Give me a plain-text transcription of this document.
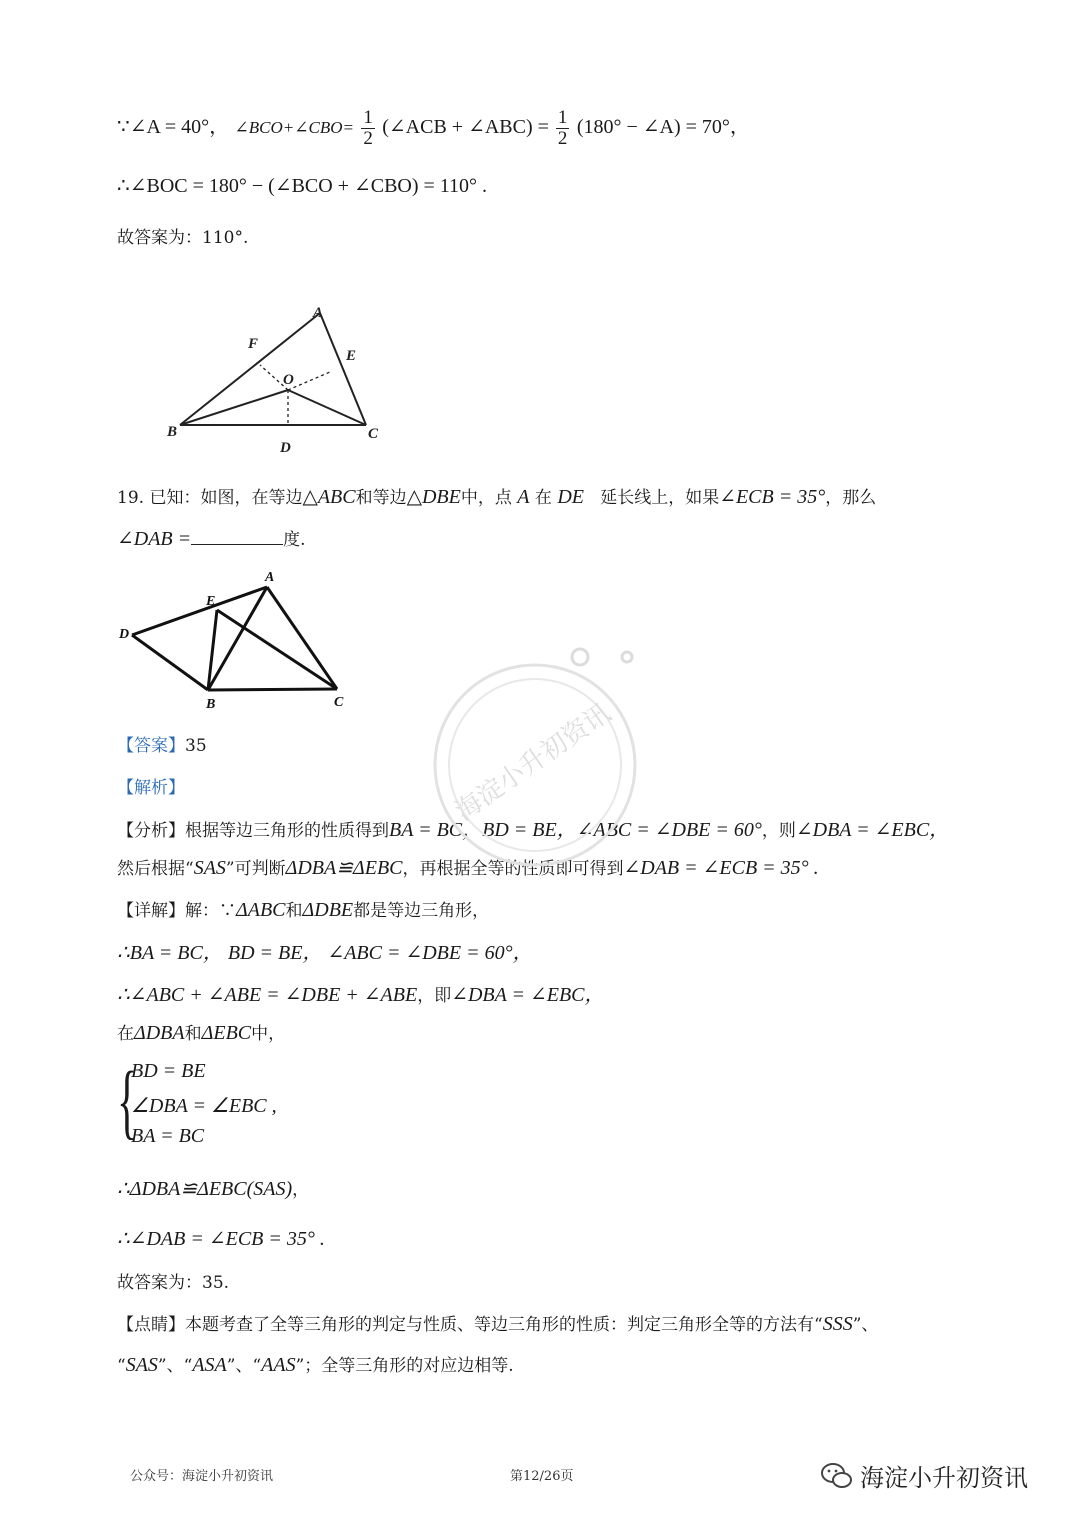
∵∠A = 40°， ∠BCO+∠CBO= $\frac{1}{2}$ (∠ACB + ∠ABC) = $\frac{1}{2} (180^\circ$ − ∠A) = 70°，
∴∠BOC = 180° − (∠BCO + ∠CBO) = 110° .
故答案为：110°.
A
B	C
D
E
F
O
19. 已知：如图，在等边△ABC和等边△DBE中，点 A 在 DE 延长线上，如果∠ECB = 35°，那么
∠DAB =	度.
A
B	C
D
E
【答案】35
【解析】
【分析】根据等边三角形的性质得到BA = BC，BD = BE，∠ABC = ∠DBE = 60°，则∠DBA = ∠EBC，
然后根据“SAS”可判断ΔDBA≌ΔEBC，再根据全等的性质即可得到∠DAB = ∠ECB = 35° .
【详解】解：∵ΔABC和ΔDBE都是等边三角形，
∴BA = BC， BD = BE， ∠ABC = ∠DBE = 60°，
∴∠ABC + ∠ABE = ∠DBE + ∠ABE，即∠DBA = ∠EBC，
在ΔDBA和ΔEBC中，
{
BD = BE
∠DBA = ∠EBC ,
BA = BC
∴ΔDBA≌ΔEBC(SAS)，
∴∠DAB = ∠ECB = 35° .
故答案为：35.
【点睛】本题考查了全等三角形的判定与性质、等边三角形的性质：判定三角形全等的方法有“SSS”、
“SAS”、“ASA”、“AAS”；全等三角形的对应边相等.
海淀小升初资讯
公众号：海淀小升初资讯	第12/26页	海淀小升初资讯
